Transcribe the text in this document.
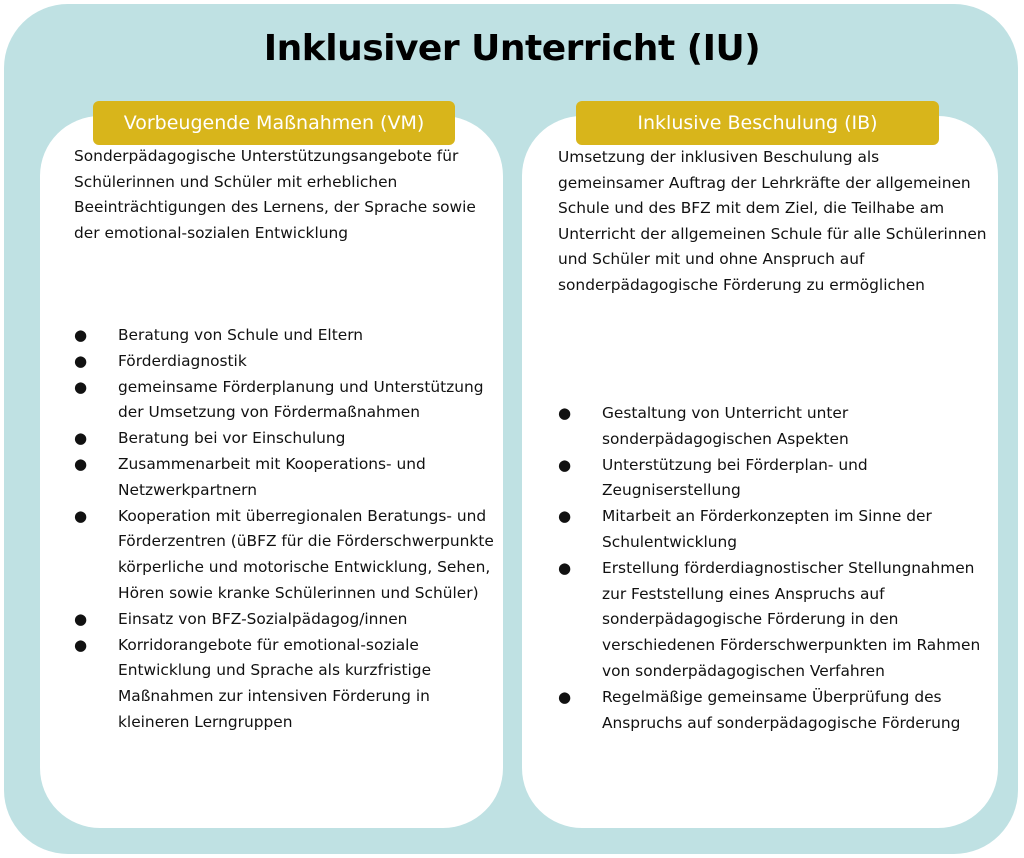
Inklusiver Unterricht (IU)
Vorbeugende Maßnahmen (VM)	Inklusive Beschulung (IB)
Sonderpädagogische Unterstützungsangebote für Schülerinnen und Schüler mit erheblichen Beeinträchtigungen des Lernens, der Sprache sowie der emotional-sozialen Entwicklung
Umsetzung der inklusiven Beschulung als gemeinsamer Auftrag der Lehrkräfte der allgemeinen Schule und des BFZ mit dem Ziel, die Teilhabe am Unterricht der allgemeinen Schule für alle Schülerinnen und Schüler mit und ohne Anspruch auf sonderpädagogische Förderung zu ermöglichen
● Beratung von Schule und Eltern
● Förderdiagnostik
● gemeinsame Förderplanung und Unterstützung der Umsetzung von Fördermaßnahmen
● Beratung bei vor Einschulung
● Zusammenarbeit mit Kooperations- und Netzwerkpartnern
● Kooperation mit überregionalen Beratungs- und Förderzentren (üBFZ für die Förderschwerpunkte körperliche und motorische Entwicklung, Sehen, Hören sowie kranke Schülerinnen und Schüler)
● Einsatz von BFZ-Sozialpädagog/innen
● Korridorangebote für emotional-soziale Entwicklung und Sprache als kurzfristige Maßnahmen zur intensiven Förderung in kleineren Lerngruppen
● Gestaltung von Unterricht unter sonderpädagogischen Aspekten
● Unterstützung bei Förderplan- und Zeugniserstellung
● Mitarbeit an Förderkonzepten im Sinne der Schulentwicklung
● Erstellung förderdiagnostischer Stellungnahmen zur Feststellung eines Anspruchs auf sonderpädagogische Förderung in den verschiedenen Förderschwerpunkten im Rahmen von sonderpädagogischen Verfahren
● Regelmäßige gemeinsame Überprüfung des Anspruchs auf sonderpädagogische Förderung
